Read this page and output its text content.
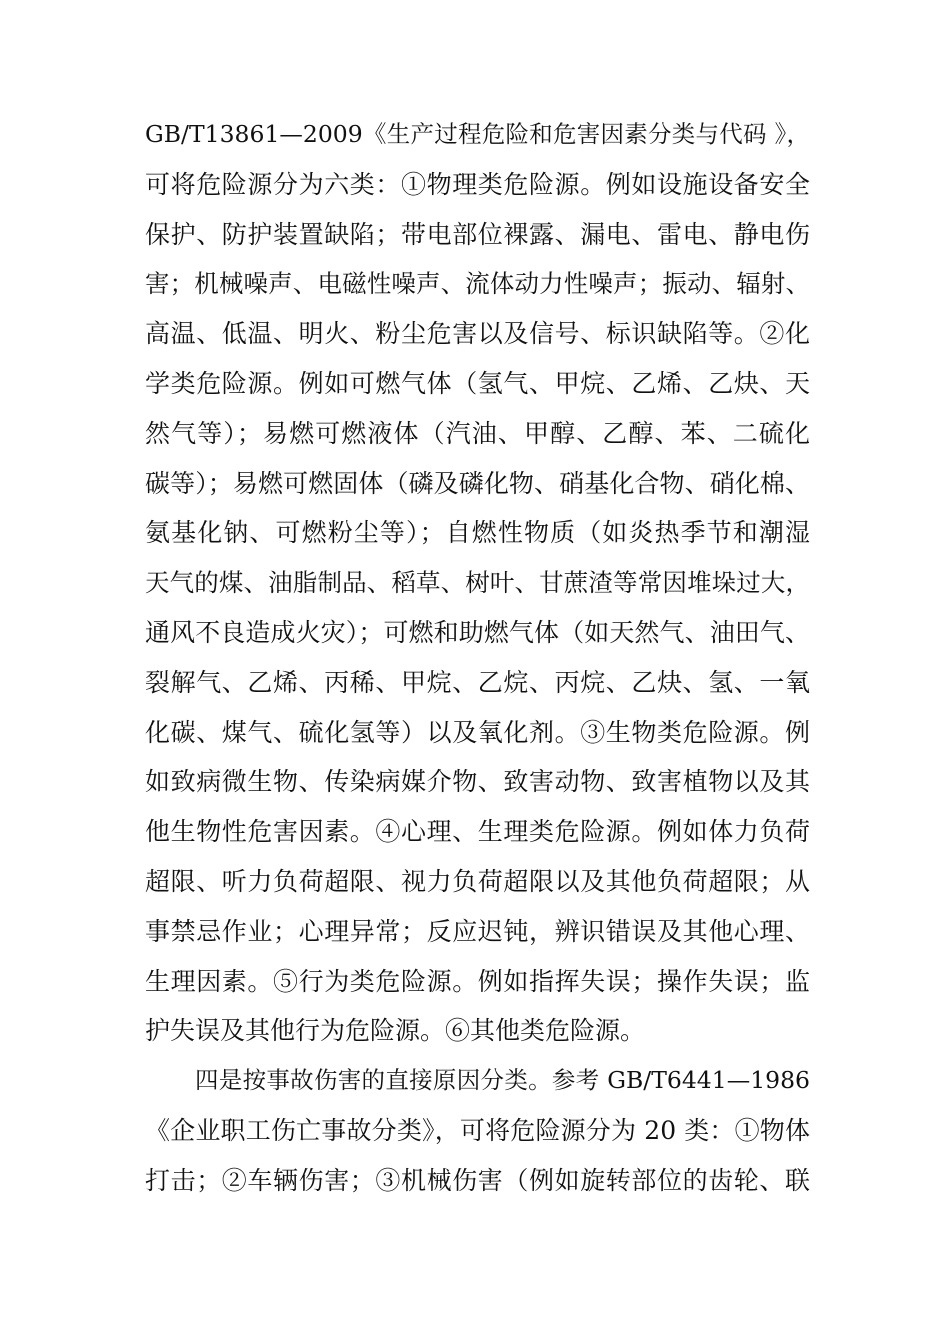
GB/T13861—2009《生产过程危险和危害因素分类与代码 》，
可将危险源分为六类：①物理类危险源。例如设施设备安全
保护、防护装置缺陷；带电部位裸露、漏电、雷电、静电伤
害；机械噪声、电磁性噪声、流体动力性噪声；振动、辐射、
高温、低温、明火、粉尘危害以及信号、标识缺陷等。②化
学类危险源。例如可燃气体（氢气、甲烷、乙烯、乙炔、天
然气等）；易燃可燃液体（汽油、甲醇、乙醇、苯、二硫化
碳等）；易燃可燃固体（磷及磷化物、硝基化合物、硝化棉、
氨基化钠、可燃粉尘等）；自燃性物质（如炎热季节和潮湿
天气的煤、油脂制品、稻草、树叶、甘蔗渣等常因堆垛过大，
通风不良造成火灾）；可燃和助燃气体（如天然气、油田气、
裂解气、乙烯、丙稀、甲烷、乙烷、丙烷、乙炔、氢、一氧
化碳、煤气、硫化氢等）以及氧化剂。③生物类危险源。例
如致病微生物、传染病媒介物、致害动物、致害植物以及其
他生物性危害因素。④心理、生理类危险源。例如体力负荷
超限、听力负荷超限、视力负荷超限以及其他负荷超限；从
事禁忌作业；心理异常；反应迟钝，辨识错误及其他心理、
生理因素。⑤行为类危险源。例如指挥失误；操作失误；监
护失误及其他行为危险源。⑥其他类危险源。
四是按事故伤害的直接原因分类。参考 GB/T6441—1986
《企业职工伤亡事故分类》，可将危险源分为 20 类：①物体
打击；②车辆伤害；③机械伤害（例如旋转部位的齿轮、联
